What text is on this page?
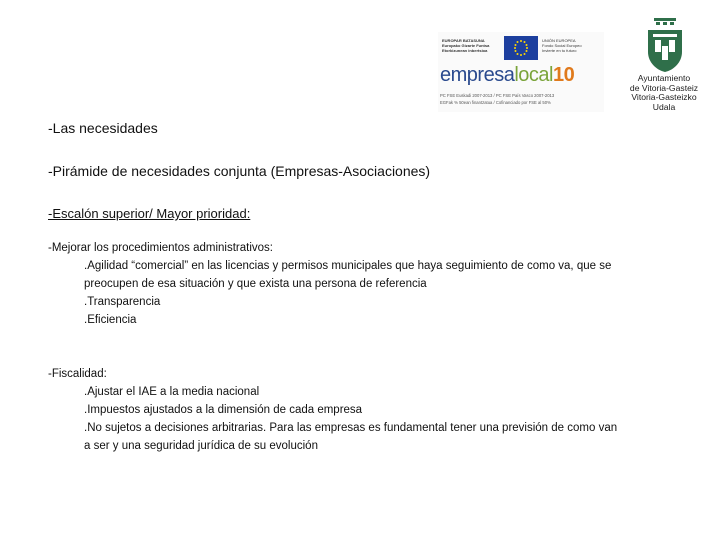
EUROPAR BATASUNA
Europako Gizarte Funtsa
Etorkizunean inbertsioa
UNIÓN EUROPEA
Fondo Social Europeo
Invierte en tu futuro
empresalocal10
PC FSE Euskadi 2007-2013 / PC FSE País Vasco 2007-2013
EGFak % 50ean finantzatua / Cofinanciado por FSE al 50%
Ayuntamiento
de Vitoria-Gasteiz
Vitoria-Gasteizko
Udala
-Las necesidades
-Pirámide de necesidades conjunta (Empresas-Asociaciones)
-Escalón superior/ Mayor prioridad:
-Mejorar los procedimientos administrativos:
.Agilidad “comercial” en las licencias y permisos municipales que haya seguimiento de como va, que se
preocupen de esa situación y que exista una persona de referencia
.Transparencia
.Eficiencia
-Fiscalidad:
.Ajustar el IAE a la media nacional
.Impuestos ajustados a la dimensión de cada empresa
.No sujetos a decisiones arbitrarias. Para las empresas es fundamental tener una previsión de como van
a ser y una seguridad jurídica de su evolución
